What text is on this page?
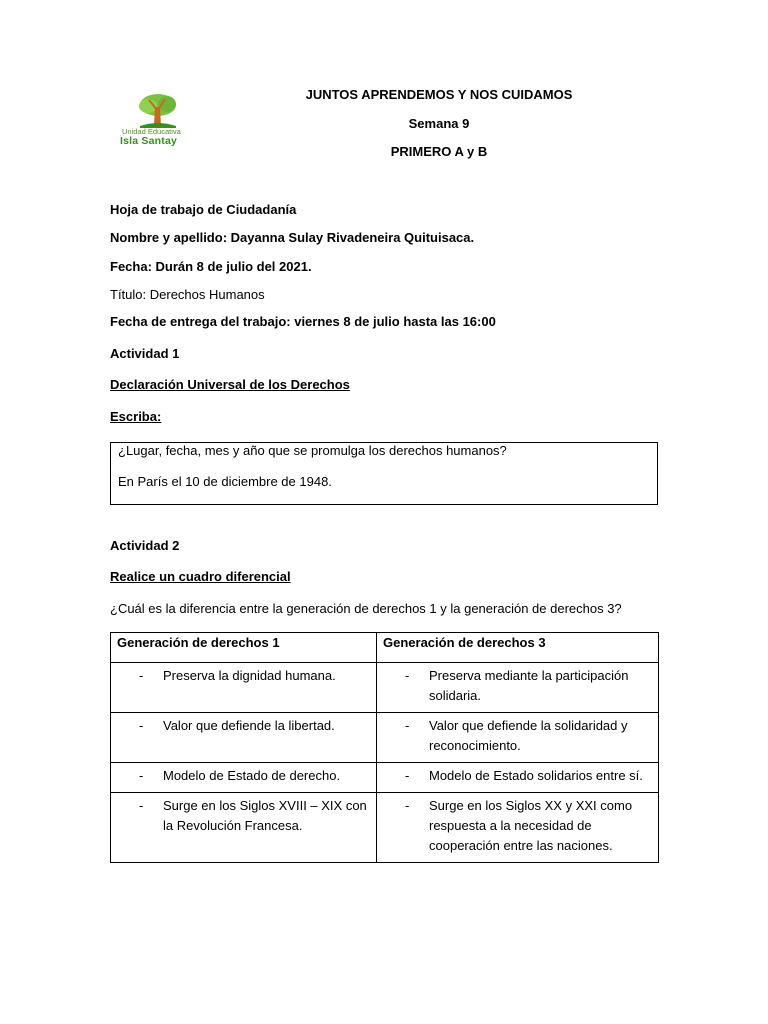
Unidad Educativa
Isla Santay
JUNTOS APRENDEMOS Y NOS CUIDAMOS
Semana 9
PRIMERO A y B
Hoja de trabajo de Ciudadanía
Nombre y apellido: Dayanna Sulay Rivadeneira Quituisaca.
Fecha: Durán 8 de julio del 2021.
Título: Derechos Humanos
Fecha de entrega del trabajo: viernes 8 de julio hasta las 16:00
Actividad 1
Declaración Universal de los Derechos
Escriba:
¿Lugar, fecha, mes y año que se promulga los derechos humanos?
En París el 10 de diciembre de 1948.
Actividad 2
Realice un cuadro diferencial
¿Cuál es la diferencia entre la generación de derechos 1 y la generación de derechos 3?
Generación de derechos 1	Generación de derechos 3

- Preserva la dignidad humana.	- Preserva mediante la participación solidaria.

- Valor que defiende la libertad.	- Valor que defiende la solidaridad y reconocimiento.

- Modelo de Estado de derecho.	- Modelo de Estado solidarios entre sí.

- Surge en los Siglos XVIII – XIX con la Revolución Francesa.	- Surge en los Siglos XX y XXI como respuesta a la necesidad de cooperación entre las naciones.
